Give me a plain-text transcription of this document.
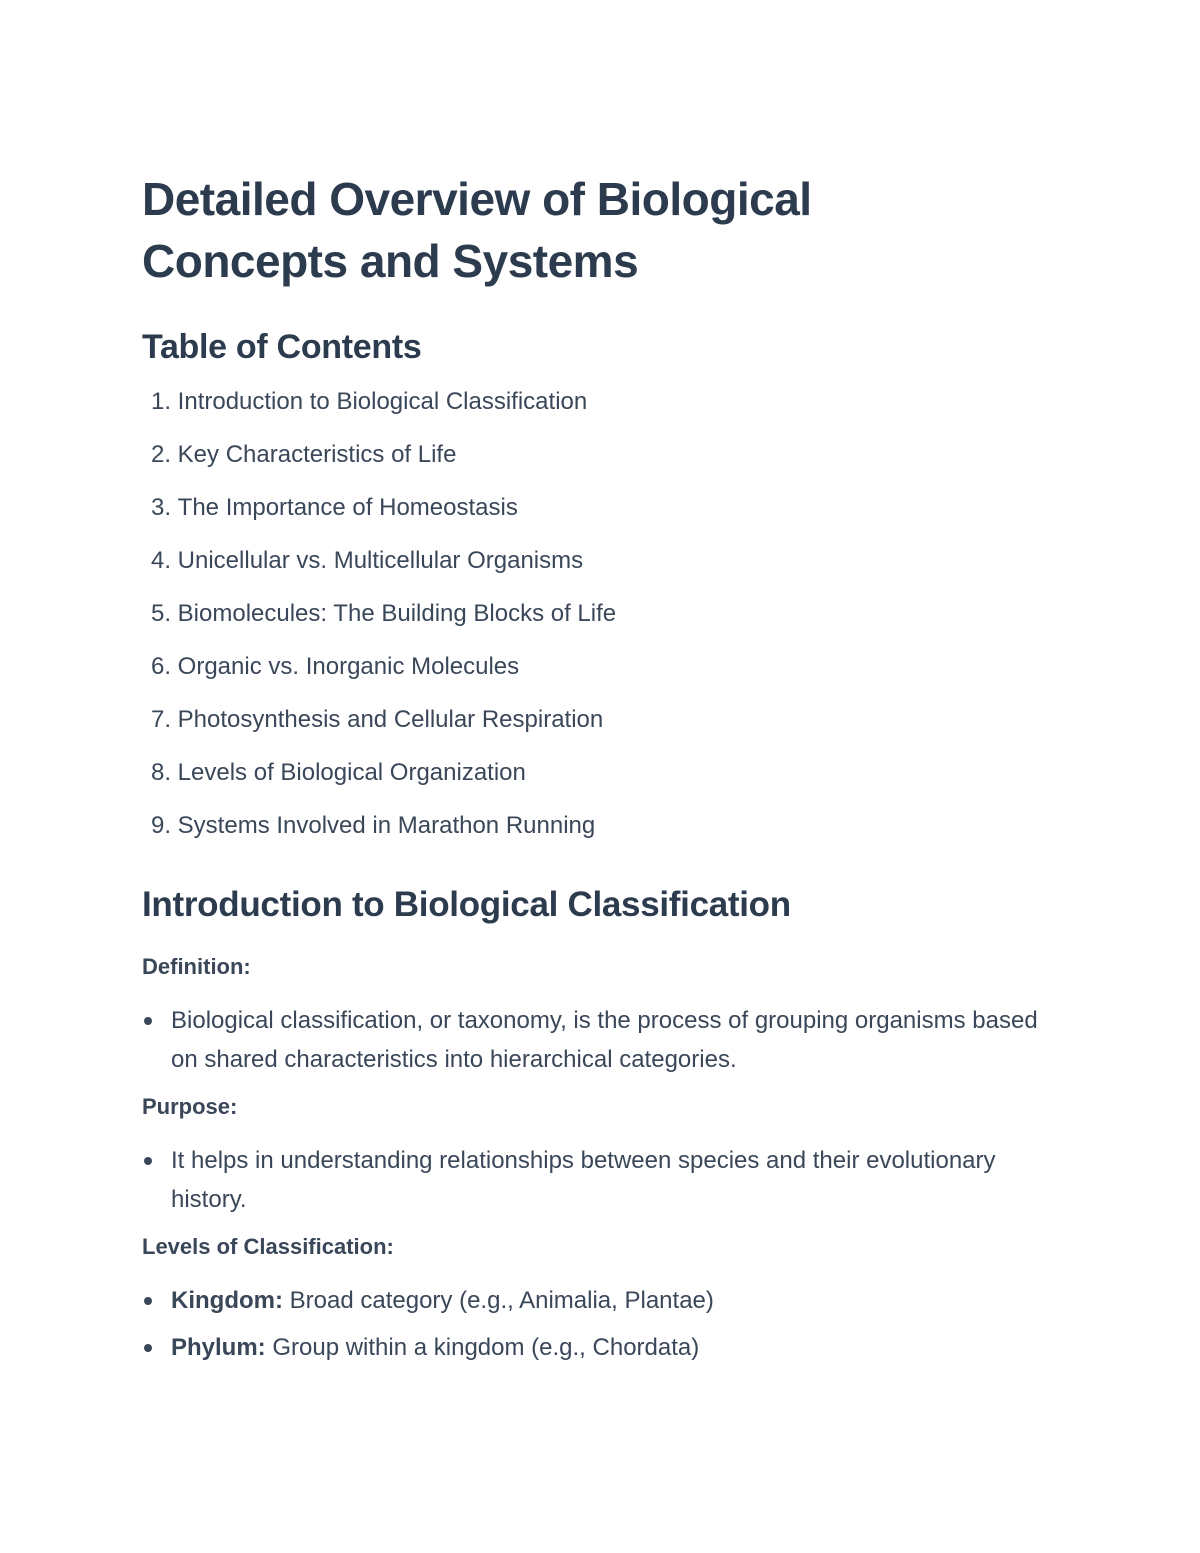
Detailed Overview of Biological
Concepts and Systems
Table of Contents
1.
Introduction to Biological Classification
2.
Key Characteristics of Life
3.
The Importance of Homeostasis
4.
Unicellular vs. Multicellular Organisms
5.
Biomolecules: The Building Blocks of Life
6.
Organic vs. Inorganic Molecules
7.
Photosynthesis and Cellular Respiration
8.
Levels of Biological Organization
9.
Systems Involved in Marathon Running
Introduction to Biological Classification
Definition:
Biological classification, or taxonomy, is the process of grouping organisms based on shared characteristics into hierarchical categories.
Purpose:
It helps in understanding relationships between species and their evolutionary history.
Levels of Classification:
Kingdom: Broad category (e.g., Animalia, Plantae)
Phylum: Group within a kingdom (e.g., Chordata)
